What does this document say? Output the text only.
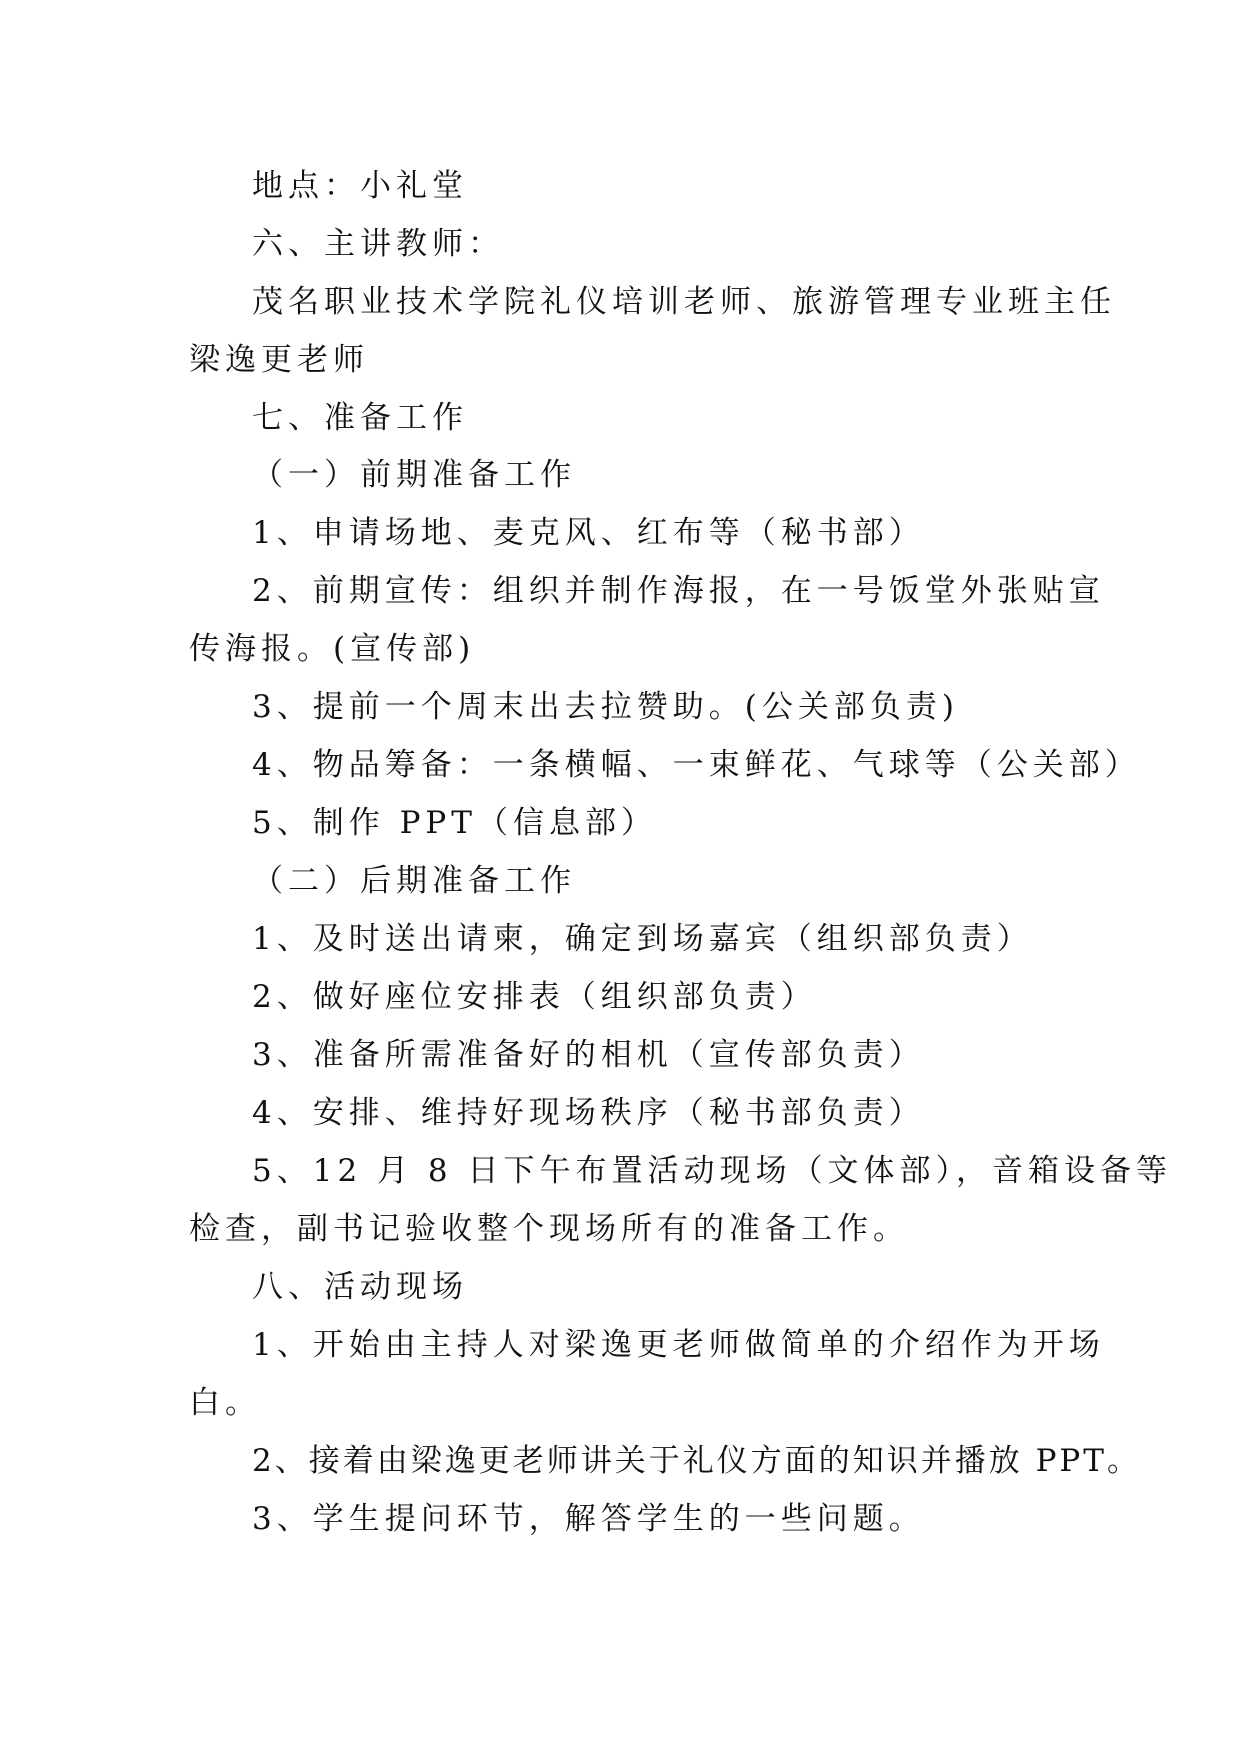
地点：小礼堂

六、主讲教师：

茂名职业技术学院礼仪培训老师、旅游管理专业班主任

梁逸更老师

七、准备工作

（一）前期准备工作

1、申请场地、麦克风、红布等（秘书部）

2、前期宣传：组织并制作海报，在一号饭堂外张贴宣

传海报。(宣传部)

3、提前一个周末出去拉赞助。(公关部负责)

4、物品筹备：一条横幅、一束鲜花、气球等（公关部）

5、制作 PPT（信息部）

（二）后期准备工作

1、及时送出请柬，确定到场嘉宾（组织部负责）

2、做好座位安排表（组织部负责）

3、准备所需准备好的相机（宣传部负责）

4、安排、维持好现场秩序（秘书部负责）

5、12 月 8 日下午布置活动现场（文体部），音箱设备等

检查，副书记验收整个现场所有的准备工作。

八、活动现场

1、开始由主持人对梁逸更老师做简单的介绍作为开场

白。

2、接着由梁逸更老师讲关于礼仪方面的知识并播放 PPT。

3、学生提问环节，解答学生的一些问题。
